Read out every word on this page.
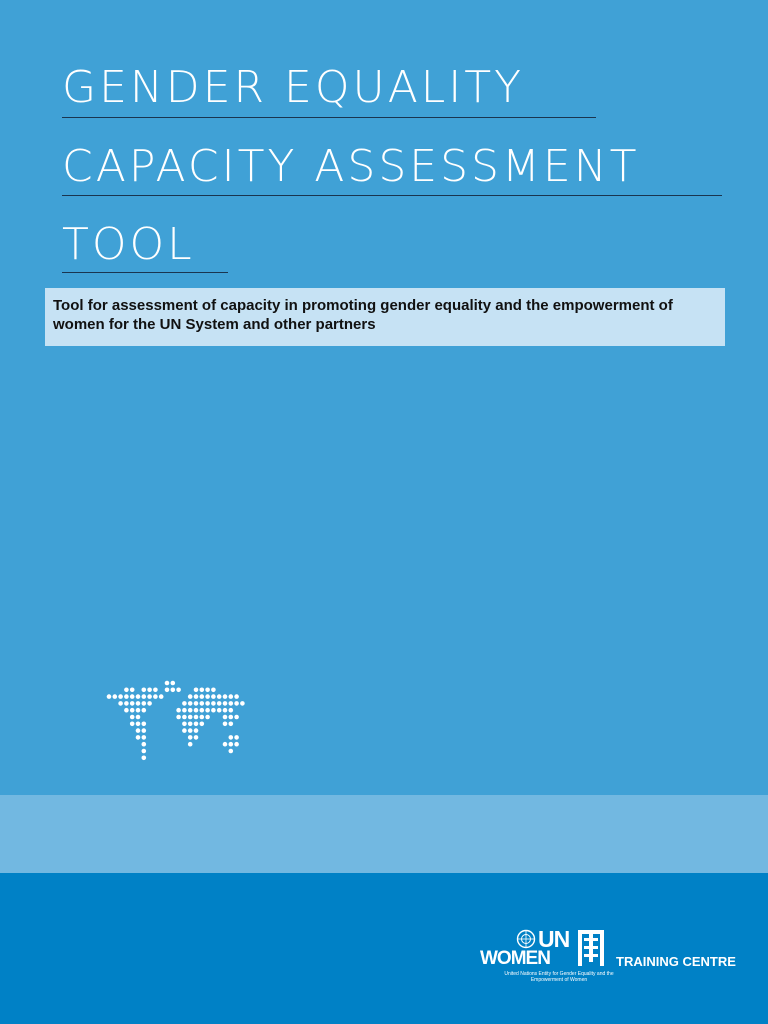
GENDER EQUALITY
CAPACITY ASSESSMENT
TOOL

Tool for assessment of capacity in promoting gender equality and the empowerment of women for the UN System and other partners

UN
WOMEN	TRAINING CENTRE
United Nations Entity for Gender Equality and the Empowerment of Women
